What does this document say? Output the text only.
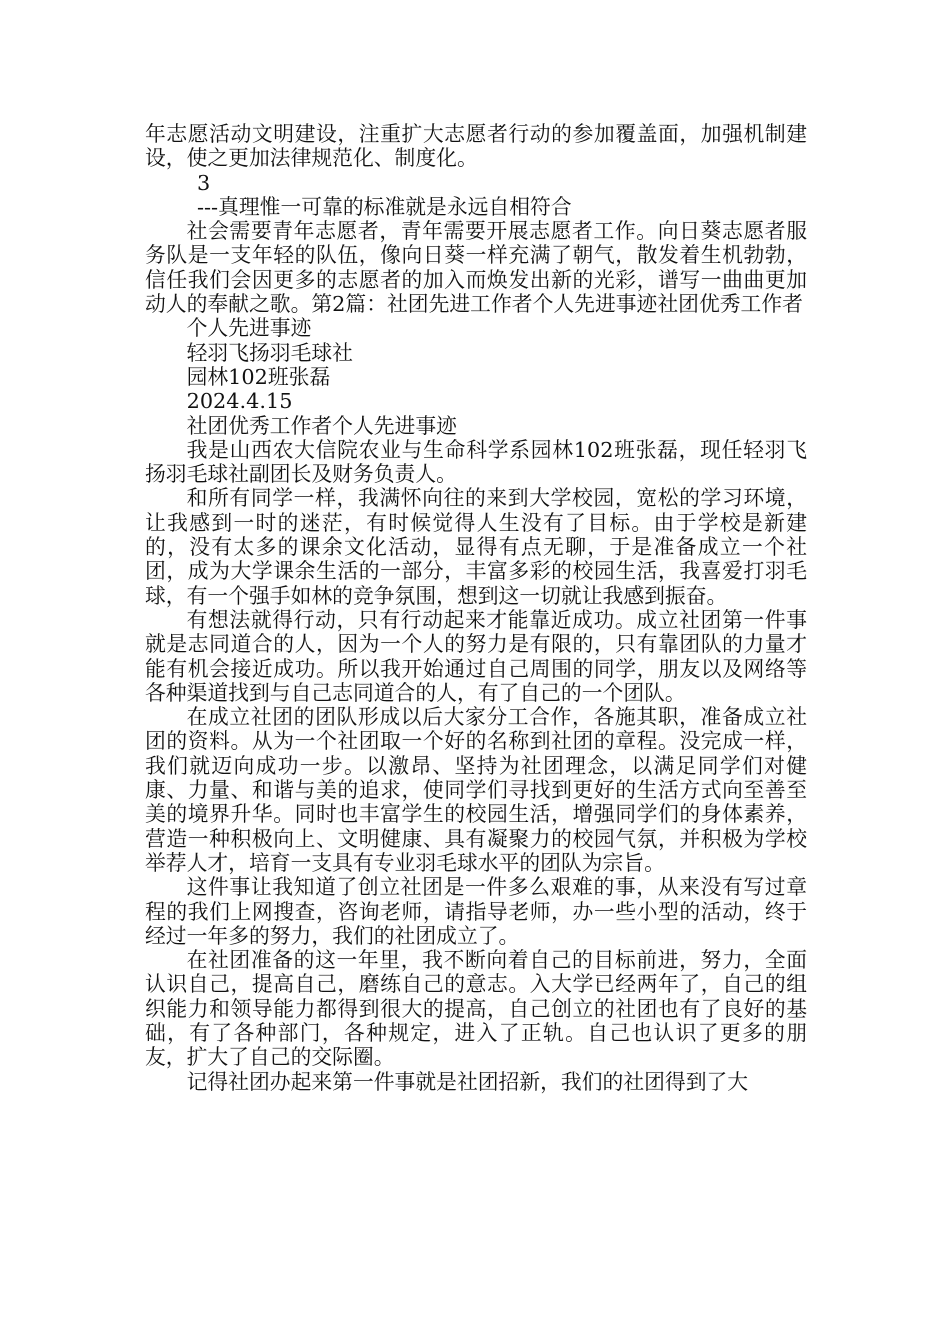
年志愿活动文明建设，注重扩大志愿者行动的参加覆盖面，加强机制建设，使之更加法律规范化、制度化。

3

---真理惟一可靠的标准就是永远自相符合

社会需要青年志愿者，青年需要开展志愿者工作。向日葵志愿者服务队是一支年轻的队伍，像向日葵一样充满了朝气，散发着生机勃勃，信任我们会因更多的志愿者的加入而焕发出新的光彩，谱写一曲曲更加动人的奉献之歌。第2篇：社团先进工作者个人先进事迹社团优秀工作者

个人先进事迹

轻羽飞扬羽毛球社

园林102班张磊

2024.4.15

社团优秀工作者个人先进事迹

我是山西农大信院农业与生命科学系园林102班张磊，现任轻羽飞扬羽毛球社副团长及财务负责人。

和所有同学一样，我满怀向往的来到大学校园，宽松的学习环境，让我感到一时的迷茫，有时候觉得人生没有了目标。由于学校是新建的，没有太多的课余文化活动，显得有点无聊，于是准备成立一个社团，成为大学课余生活的一部分，丰富多彩的校园生活，我喜爱打羽毛球，有一个强手如林的竞争氛围，想到这一切就让我感到振奋。

有想法就得行动，只有行动起来才能靠近成功。成立社团第一件事就是志同道合的人，因为一个人的努力是有限的，只有靠团队的力量才能有机会接近成功。所以我开始通过自己周围的同学，朋友以及网络等各种渠道找到与自己志同道合的人，有了自己的一个团队。

在成立社团的团队形成以后大家分工合作，各施其职，准备成立社团的资料。从为一个社团取一个好的名称到社团的章程。没完成一样，我们就迈向成功一步。以激昂、坚持为社团理念，以满足同学们对健康、力量、和谐与美的追求，使同学们寻找到更好的生活方式向至善至美的境界升华。同时也丰富学生的校园生活，增强同学们的身体素养，营造一种积极向上、文明健康、具有凝聚力的校园气氛，并积极为学校举荐人才，培育一支具有专业羽毛球水平的团队为宗旨。

这件事让我知道了创立社团是一件多么艰难的事，从来没有写过章程的我们上网搜查，咨询老师，请指导老师，办一些小型的活动，终于经过一年多的努力，我们的社团成立了。

在社团准备的这一年里，我不断向着自己的目标前进，努力，全面认识自己，提高自己，磨练自己的意志。入大学已经两年了，自己的组织能力和领导能力都得到很大的提高，自己创立的社团也有了良好的基础，有了各种部门，各种规定，进入了正轨。自己也认识了更多的朋友，扩大了自己的交际圈。

记得社团办起来第一件事就是社团招新，我们的社团得到了大
